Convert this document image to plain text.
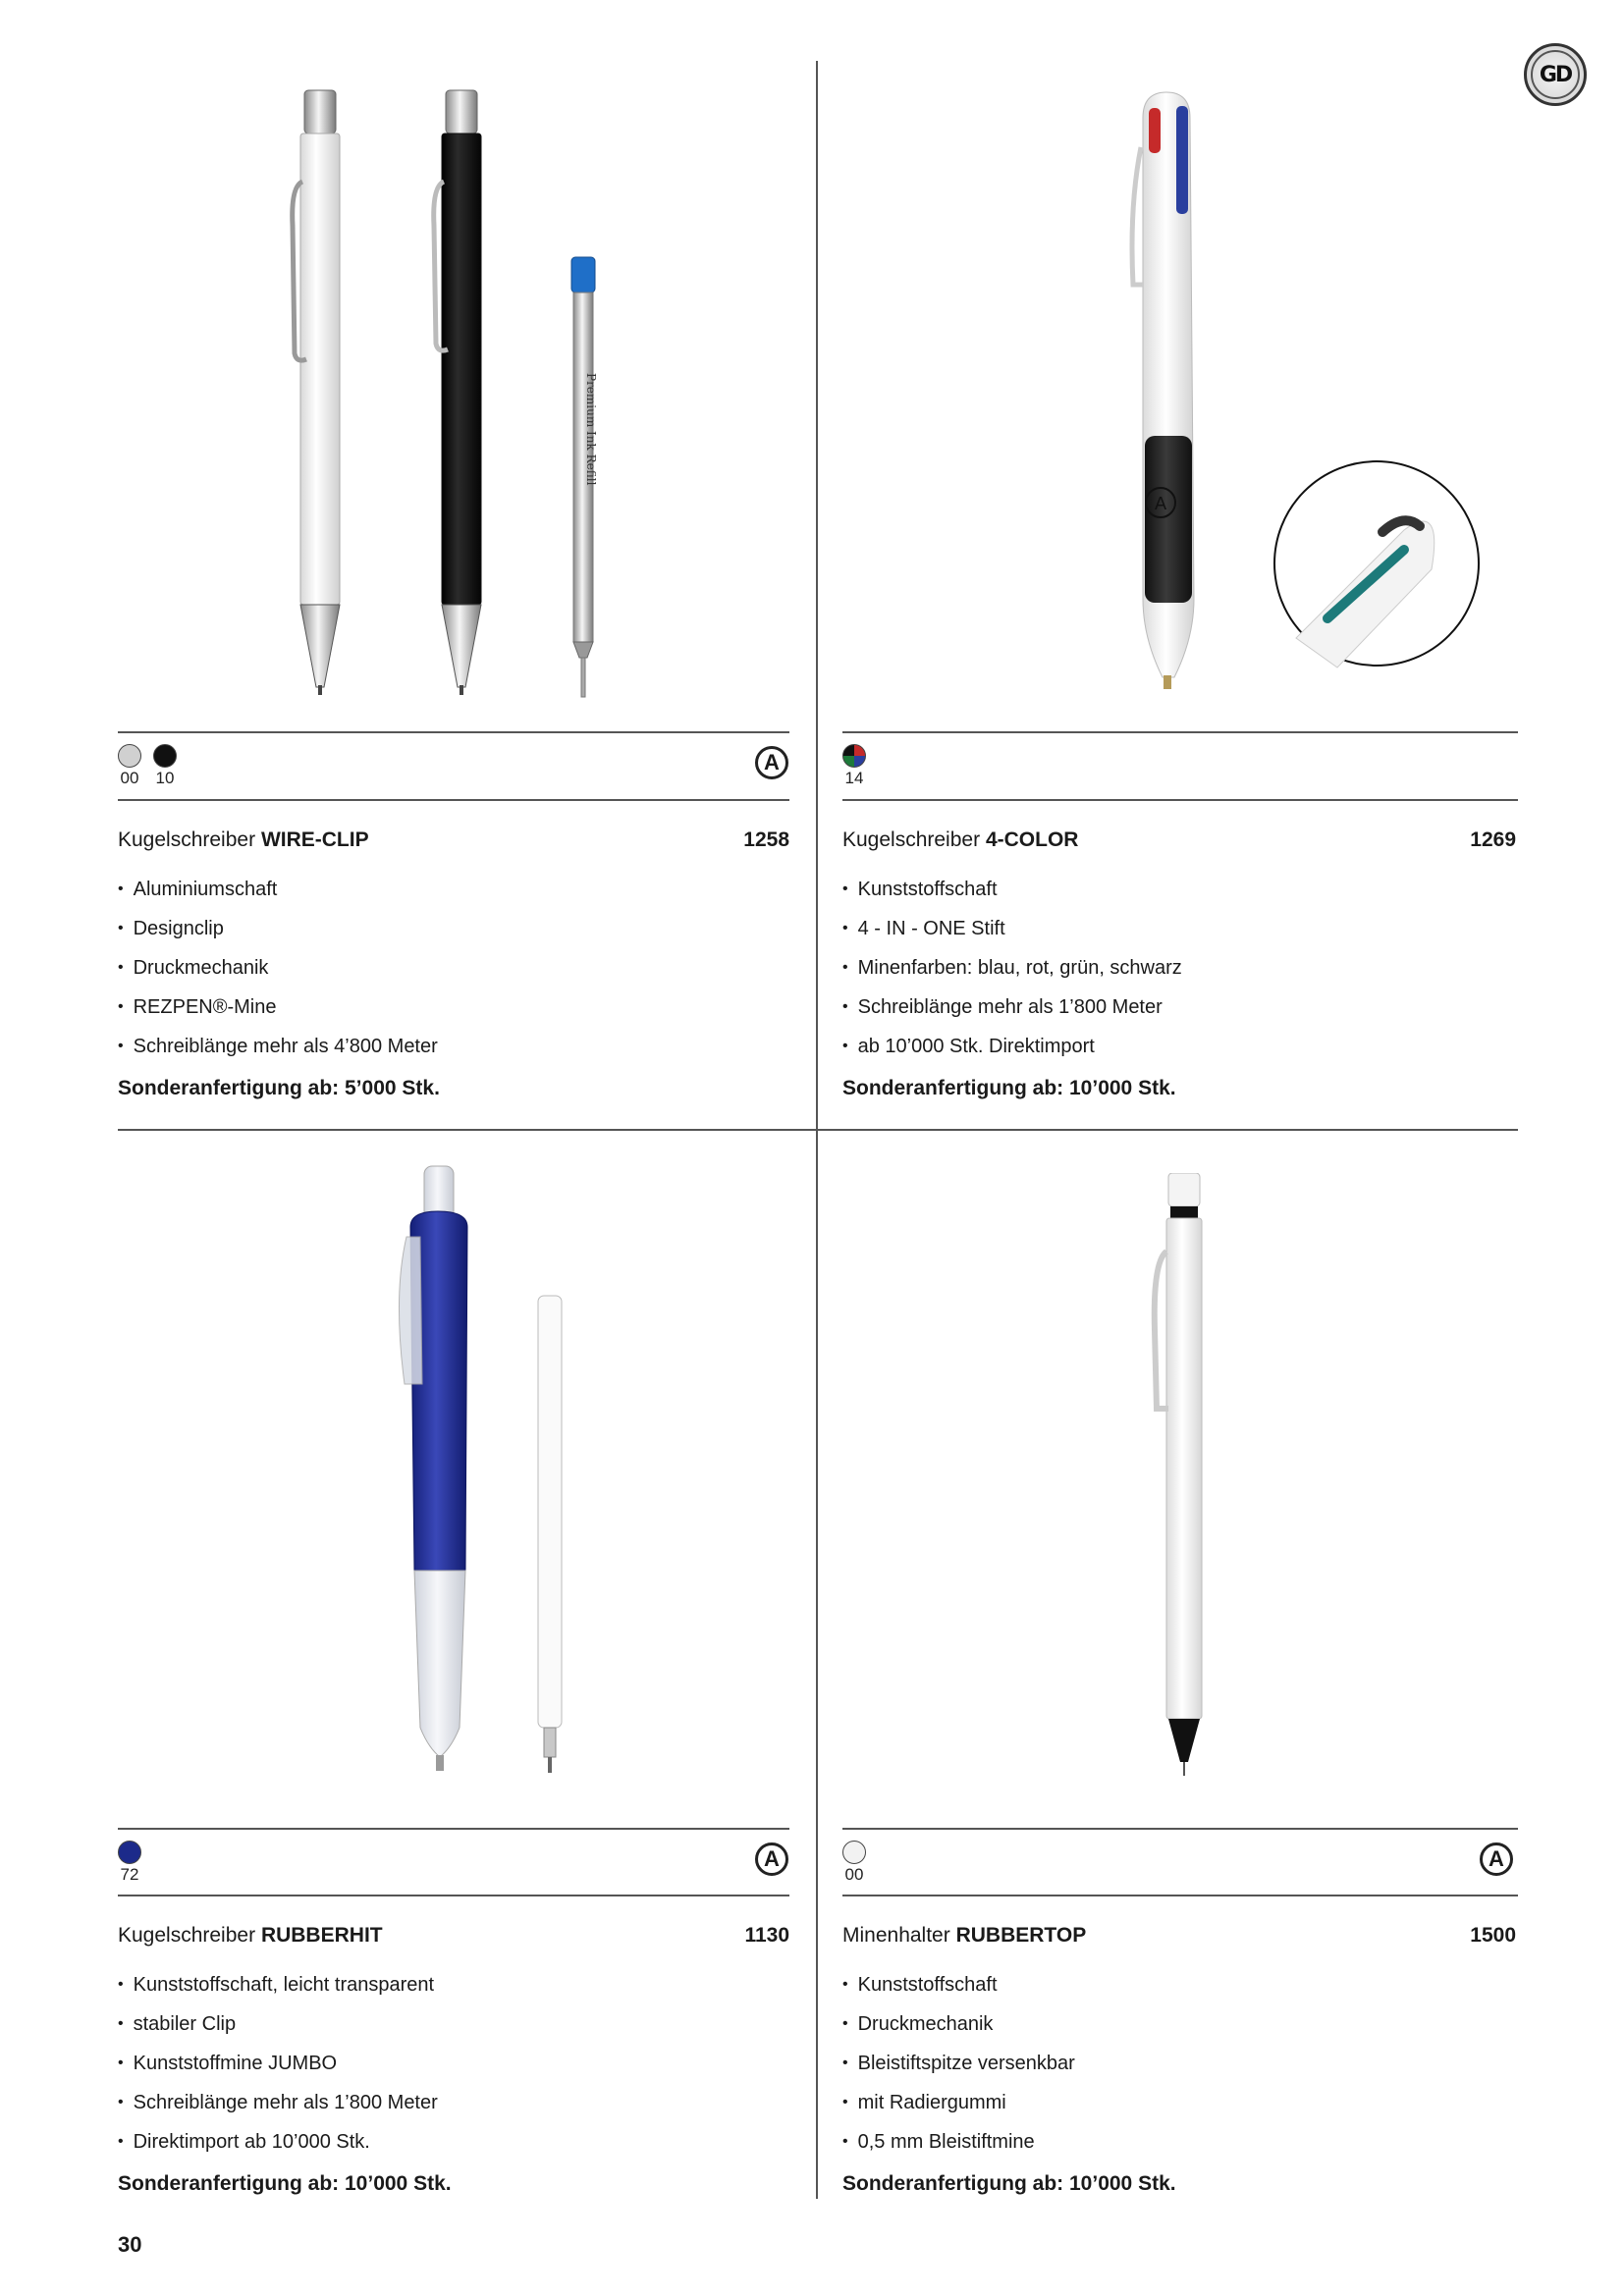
GD
Premium Ink Refill
00 10
A
Kugelschreiber WIRE-CLIP	1258
• Aluminiumschaft
• Designclip
• Druckmechanik
• REZPEN®-Mine
• Schreiblänge mehr als 4’800 Meter
Sonderanfertigung ab: 5’000 Stk.
A
14
Kugelschreiber 4-COLOR	1269
• Kunststoffschaft
• 4 - IN - ONE Stift
• Minenfarben: blau, rot, grün, schwarz
• Schreiblänge mehr als 1’800 Meter
• ab 10’000 Stk. Direktimport
Sonderanfertigung ab: 10’000 Stk.
72
A
Kugelschreiber RUBBERHIT	1130
• Kunststoffschaft, leicht transparent
• stabiler Clip
• Kunststoffmine JUMBO
• Schreiblänge mehr als 1’800 Meter
• Direktimport ab 10’000 Stk.
Sonderanfertigung ab: 10’000 Stk.
00
A
Minenhalter RUBBERTOP	1500
• Kunststoffschaft
• Druckmechanik
• Bleistiftspitze versenkbar
• mit Radiergummi
• 0,5 mm Bleistiftmine
Sonderanfertigung ab: 10’000 Stk.
30
